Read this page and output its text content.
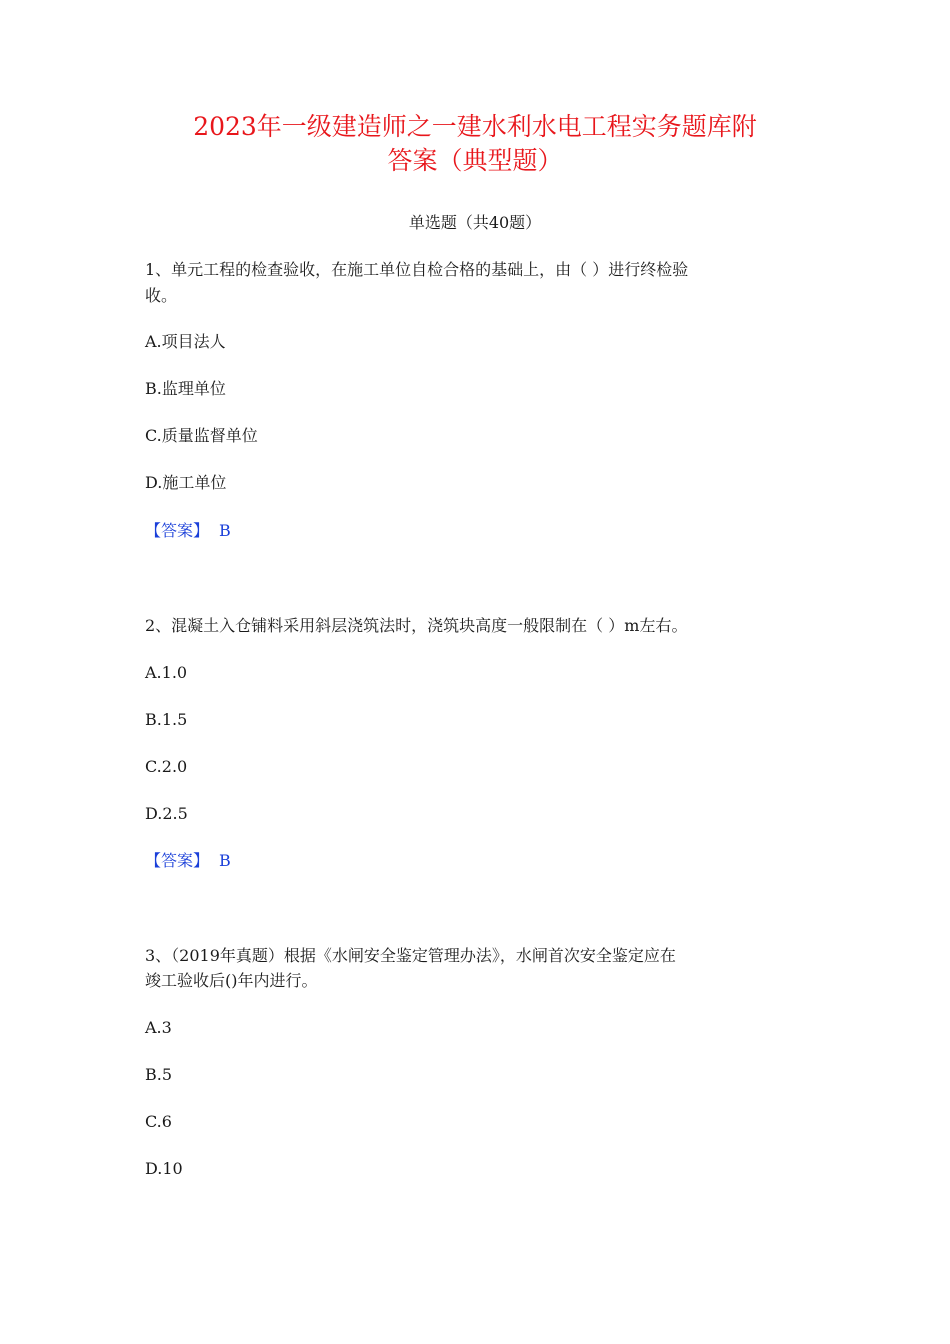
2023年一级建造师之一建水利水电工程实务题库附
答案（典型题）
单选题（共40题）
1、单元工程的检查验收，在施工单位自检合格的基础上，由（ ）进行终检验
收。
A.项目法人
B.监理单位
C.质量监督单位
D.施工单位
【答案】 B
2、混凝土入仓铺料采用斜层浇筑法时，浇筑块高度一般限制在（ ）m左右。
A.1.0
B.1.5
C.2.0
D.2.5
【答案】 B
3、（2019年真题）根据《水闸安全鉴定管理办法》，水闸首次安全鉴定应在
竣工验收后()年内进行。
A.3
B.5
C.6
D.10
